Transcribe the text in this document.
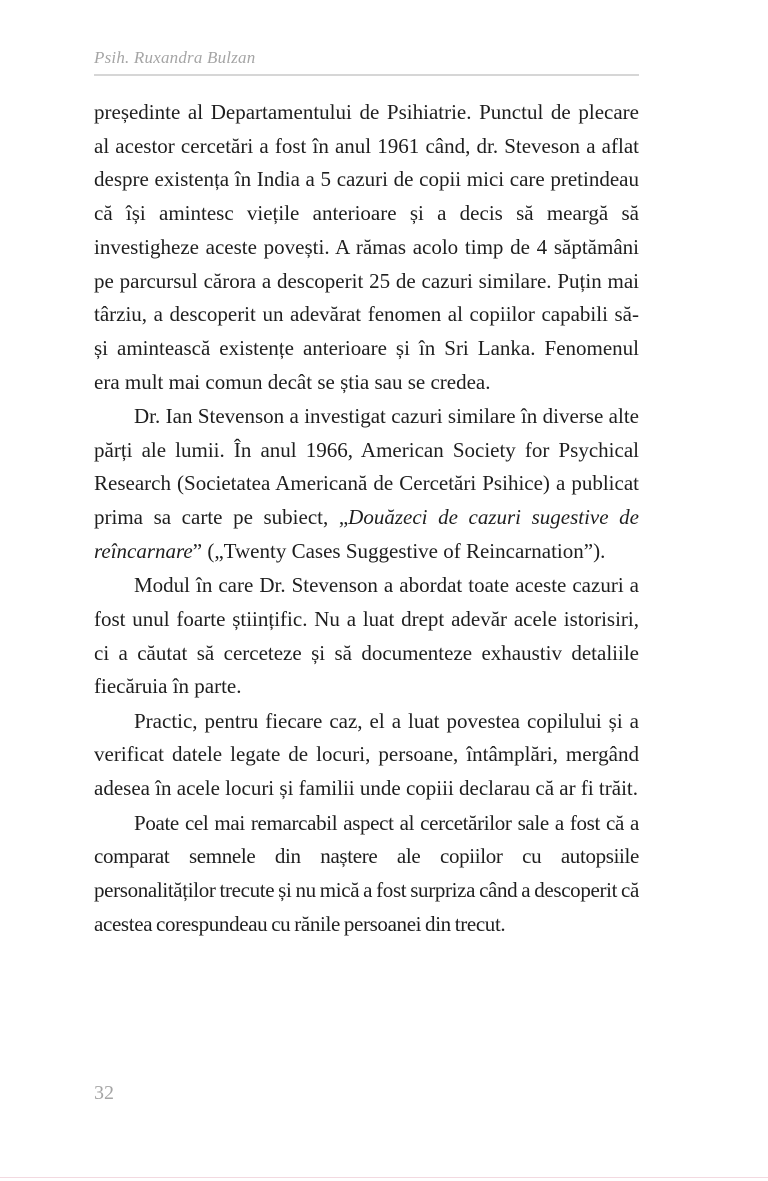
Psih. Ruxandra Bulzan

președinte al Departamentului de Psihiatrie. Punctul de plecare al acestor cercetări a fost în anul 1961 când, dr. Steveson a aflat despre existența în India a 5 cazuri de copii mici care pretindeau că își amintesc viețile anterioare și a decis să meargă să investigheze aceste povești. A rămas acolo timp de 4 săptămâni pe parcursul cărora a descoperit 25 de cazuri similare. Puțin mai târziu, a descoperit un adevărat fenomen al copiilor capabili să-și amintească existențe anterioare și în Sri Lanka. Fenomenul era mult mai comun decât se știa sau se credea.

Dr. Ian Stevenson a investigat cazuri similare în diverse alte părți ale lumii. În anul 1966, American Society for Psychical Research (Societatea Americană de Cercetări Psihice) a publicat prima sa carte pe subiect, „Douăzeci de cazuri sugestive de reîncarnare” („Twenty Cases Suggestive of Reincarnation”).

Modul în care Dr. Stevenson a abordat toate aceste cazuri a fost unul foarte științific. Nu a luat drept adevăr acele istorisiri, ci a căutat să cerceteze și să documenteze exhaustiv detaliile fiecăruia în parte.

Practic, pentru fiecare caz, el a luat povestea copilului și a verificat datele legate de locuri, persoane, întâmplări, mergând adesea în acele locuri și familii unde copiii declarau că ar fi trăit.

Poate cel mai remarcabil aspect al cercetărilor sale a fost că a comparat semnele din naștere ale copiilor cu autopsiile personalităților trecute și nu mică a fost surpriza când a descoperit că acestea corespundeau cu rănile persoanei din trecut.

32
